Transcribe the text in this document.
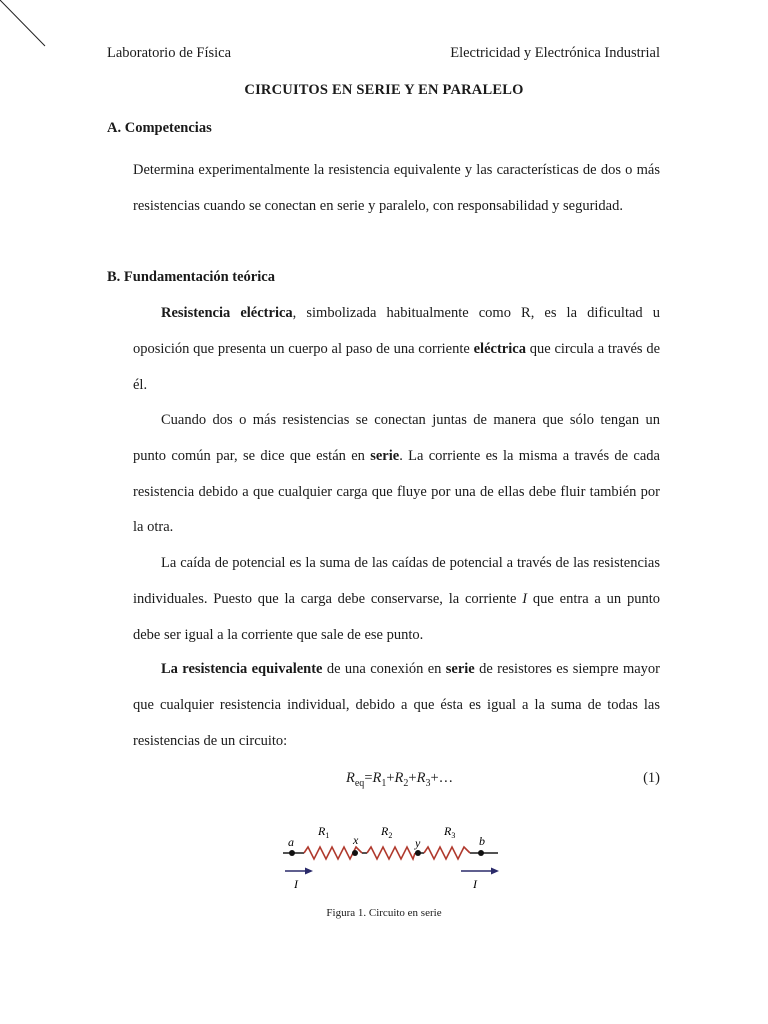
Laboratorio de Física	Electricidad y Electrónica Industrial
CIRCUITOS EN SERIE Y EN PARALELO
A. Competencias

Determina experimentalmente la resistencia equivalente y las características de dos o más resistencias cuando se conectan en serie y paralelo, con responsabilidad y seguridad.

B. Fundamentación teórica

Resistencia eléctrica, simbolizada habitualmente como R, es la dificultad u oposición que presenta un cuerpo al paso de una corriente eléctrica que circula a través de él.

Cuando dos o más resistencias se conectan juntas de manera que sólo tengan un punto común par, se dice que están en serie. La corriente es la misma a través de cada resistencia debido a que cualquier carga que fluye por una de ellas debe fluir también por la otra.

La caída de potencial es la suma de las caídas de potencial a través de las resistencias individuales. Puesto que la carga debe conservarse, la corriente I que entra a un punto debe ser igual a la corriente que sale de ese punto.

La resistencia equivalente de una conexión en serie de resistores es siempre mayor que cualquier resistencia individual, debido a que ésta es igual a la suma de todas las resistencias de un circuito:

$R_{eq}=R_1+R_2+R_3+\dots$	(1)
a	x	y	b
$R_1$	$R_2$	$R_3$
I	I
Figura 1. Circuito en serie
